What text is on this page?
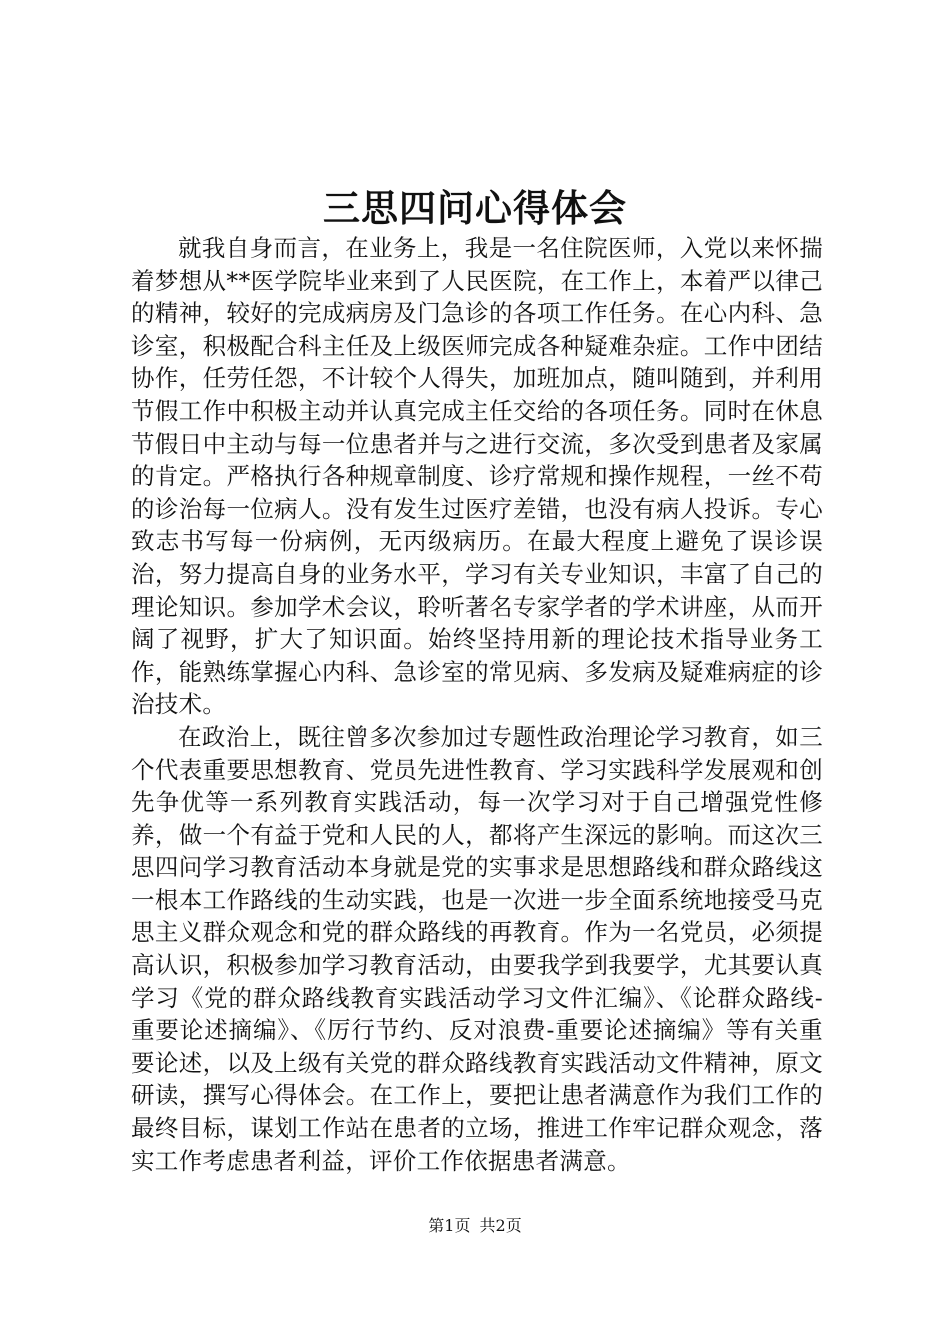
三思四问心得体会

就我自身而言，在业务上，我是一名住院医师，入党以来怀揣着梦想从**医学院毕业来到了人民医院，在工作上，本着严以律己的精神，较好的完成病房及门急诊的各项工作任务。在心内科、急诊室，积极配合科主任及上级医师完成各种疑难杂症。工作中团结协作，任劳任怨，不计较个人得失，加班加点，随叫随到，并利用节假工作中积极主动并认真完成主任交给的各项任务。同时在休息节假日中主动与每一位患者并与之进行交流，多次受到患者及家属的肯定。严格执行各种规章制度、诊疗常规和操作规程，一丝不苟的诊治每一位病人。没有发生过医疗差错，也没有病人投诉。专心致志书写每一份病例，无丙级病历。在最大程度上避免了误诊误治，努力提高自身的业务水平，学习有关专业知识，丰富了自己的理论知识。参加学术会议，聆听著名专家学者的学术讲座，从而开阔了视野，扩大了知识面。始终坚持用新的理论技术指导业务工作，能熟练掌握心内科、急诊室的常见病、多发病及疑难病症的诊治技术。

在政治上，既往曾多次参加过专题性政治理论学习教育，如三个代表重要思想教育、党员先进性教育、学习实践科学发展观和创先争优等一系列教育实践活动，每一次学习对于自己增强党性修养，做一个有益于党和人民的人，都将产生深远的影响。而这次三思四问学习教育活动本身就是党的实事求是思想路线和群众路线这一根本工作路线的生动实践，也是一次进一步全面系统地接受马克思主义群众观念和党的群众路线的再教育。作为一名党员，必须提高认识，积极参加学习教育活动，由要我学到我要学，尤其要认真学习《党的群众路线教育实践活动学习文件汇编》、《论群众路线-重要论述摘编》、《厉行节约、反对浪费-重要论述摘编》等有关重要论述，以及上级有关党的群众路线教育实践活动文件精神，原文研读，撰写心得体会。在工作上，要把让患者满意作为我们工作的最终目标，谋划工作站在患者的立场，推进工作牢记群众观念，落实工作考虑患者利益，评价工作依据患者满意。

第1页 共2页
